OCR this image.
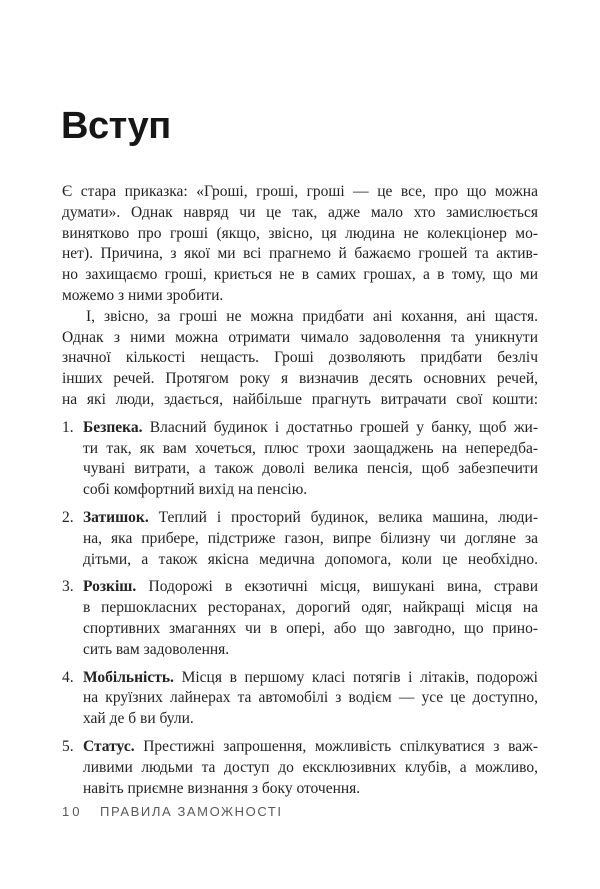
Вступ
Є стара приказка: «Гроші, гроші, гроші — це все, про що можна
думати». Однак навряд чи це так, адже мало хто замислюється
винятково про гроші (якщо, звісно, ця людина не колекціонер мо-
нет). Причина, з якої ми всі прагнемо й бажаємо грошей та актив-
но захищаємо гроші, криється не в самих грошах, а в тому, що ми
можемо з ними зробити.
І, звісно, за гроші не можна придбати ані кохання, ані щастя.
Однак з ними можна отримати чимало задоволення та уникнути
значної кількості нещасть. Гроші дозволяють придбати безліч
інших речей. Протягом року я визначив десять основних речей,
на які люди, здається, найбільше прагнуть витрачати свої кошти:
1. Безпека. Власний будинок і достатньо грошей у банку, щоб жи-
ти так, як вам хочеться, плюс трохи заощаджень на непередба-
чувані витрати, а також доволі велика пенсія, щоб забезпечити
собі комфортний вихід на пенсію.
2. Затишок. Теплий і просторий будинок, велика машина, люди-
на, яка прибере, підстриже газон, випре білизну чи догляне за
дітьми, а також якісна медична допомога, коли це необхідно.
3. Розкіш. Подорожі в екзотичні місця, вишукані вина, страви
в першокласних ресторанах, дорогий одяг, найкращі місця на
спортивних змаганнях чи в опері, або що завгодно, що прино-
сить вам задоволення.
4. Мобільність. Місця в першому класі потягів і літаків, подорожі
на круїзних лайнерах та автомобілі з водієм — усе це доступно,
хай де б ви були.
5. Статус. Престижні запрошення, можливість спілкуватися з важ-
ливими людьми та доступ до ексклюзивних клубів, а можливо,
навіть приємне визнання з боку оточення.
10	ПРАВИЛА ЗАМОЖНОСТІ
